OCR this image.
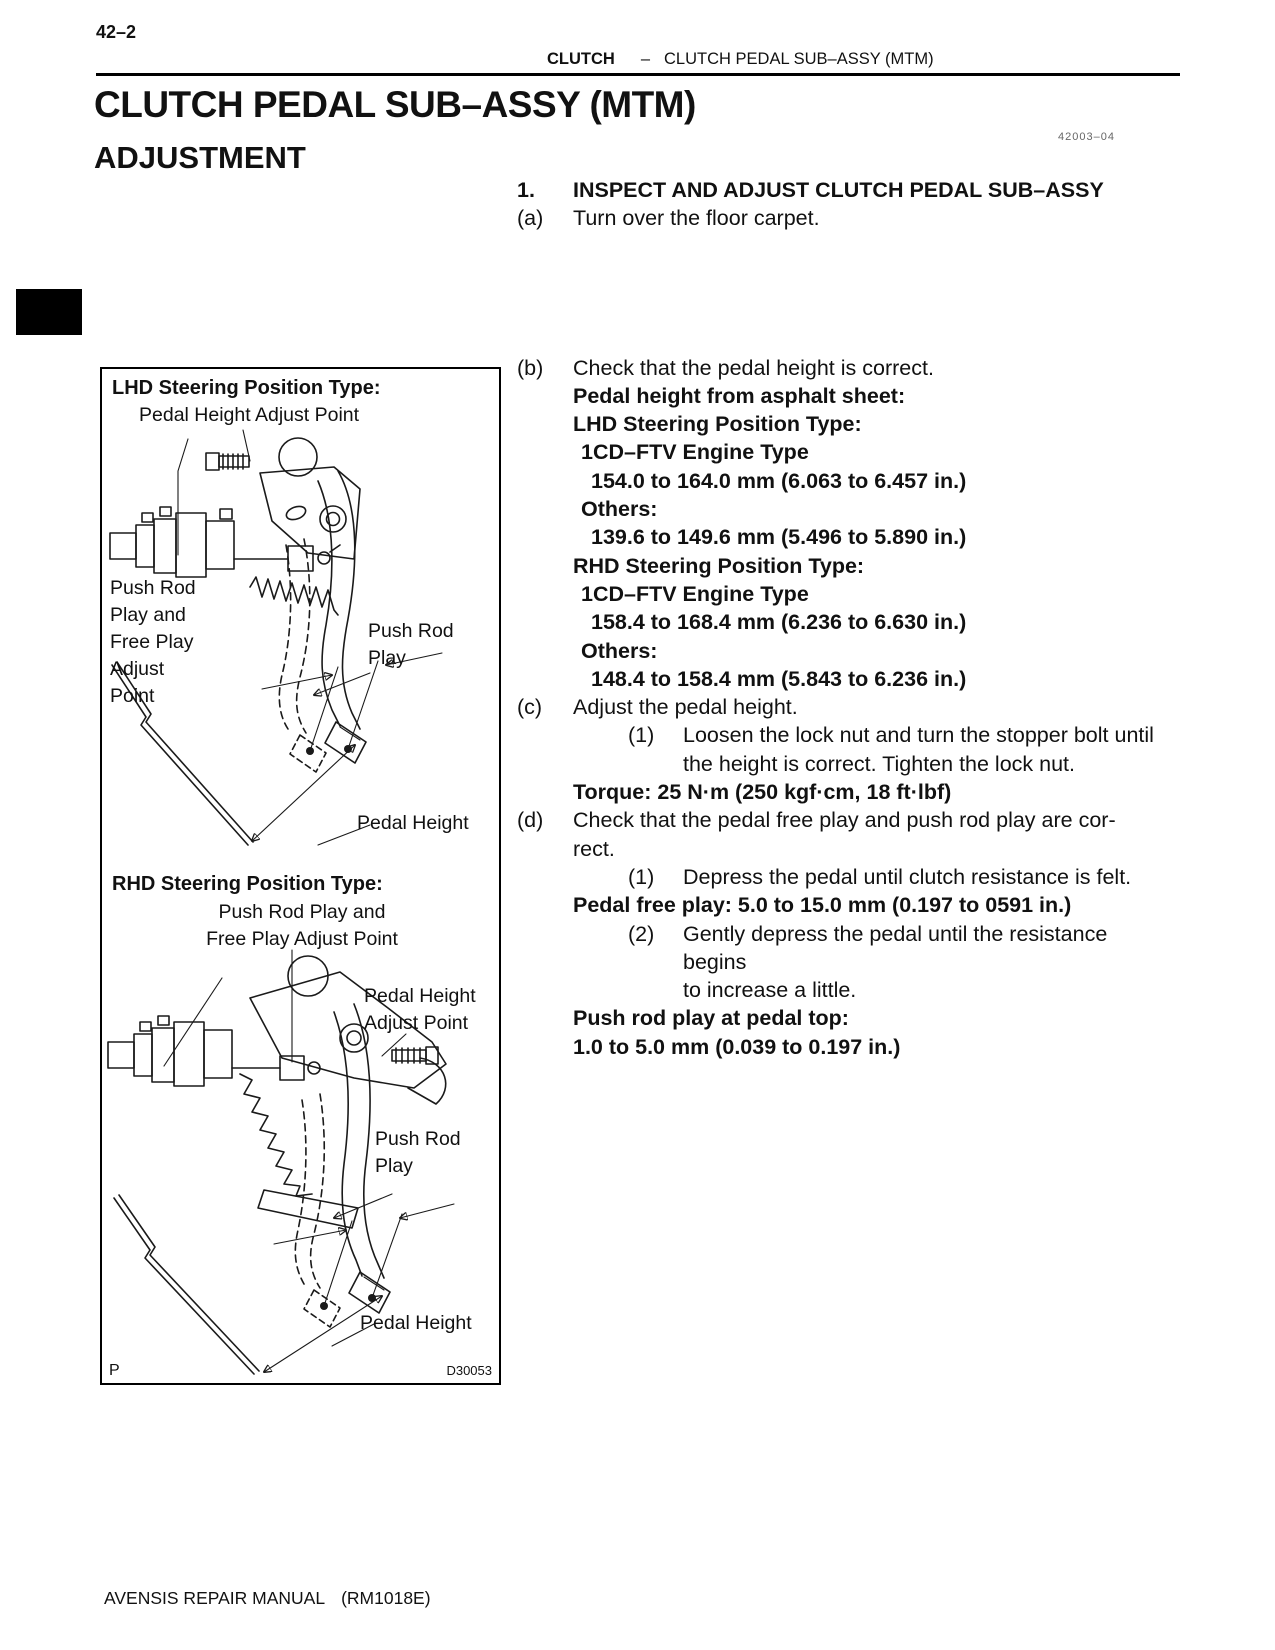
42–2
CLUTCH – CLUTCH PEDAL SUB–ASSY (MTM)
CLUTCH PEDAL SUB–ASSY (MTM)
42003–04
ADJUSTMENT
LHD Steering Position Type:
Pedal Height Adjust Point
Push Rod
Play and
Free Play
Adjust
Point
Push Rod
Play
Pedal Height
RHD Steering Position Type:
Push Rod Play and
Free Play Adjust Point
Pedal Height
Adjust Point
Push Rod
Play
Pedal Height
P	D30053
1.	INSPECT AND ADJUST CLUTCH PEDAL SUB–ASSY
(a)	Turn over the floor carpet.
(b)	Check that the pedal height is correct.
Pedal height from asphalt sheet:
LHD Steering Position Type:
1CD–FTV Engine Type
154.0 to 164.0 mm (6.063 to 6.457 in.)
Others:
139.6 to 149.6 mm (5.496 to 5.890 in.)
RHD Steering Position Type:
1CD–FTV Engine Type
158.4 to 168.4 mm (6.236 to 6.630 in.)
Others:
148.4 to 158.4 mm (5.843 to 6.236 in.)
(c)	Adjust the pedal height.
(1)	Loosen the lock nut and turn the stopper bolt until
the height is correct. Tighten the lock nut.
Torque: 25 N·m (250 kgf·cm, 18 ft·lbf)
(d)	Check that the pedal free play and push rod play are cor-
rect.
(1)	Depress the pedal until clutch resistance is felt.
Pedal free play: 5.0 to 15.0 mm (0.197 to 0591 in.)
(2)	Gently depress the pedal until the resistance begins
to increase a little.
Push rod play at pedal top:
1.0 to 5.0 mm (0.039 to 0.197 in.)
AVENSIS REPAIR MANUAL (RM1018E)
